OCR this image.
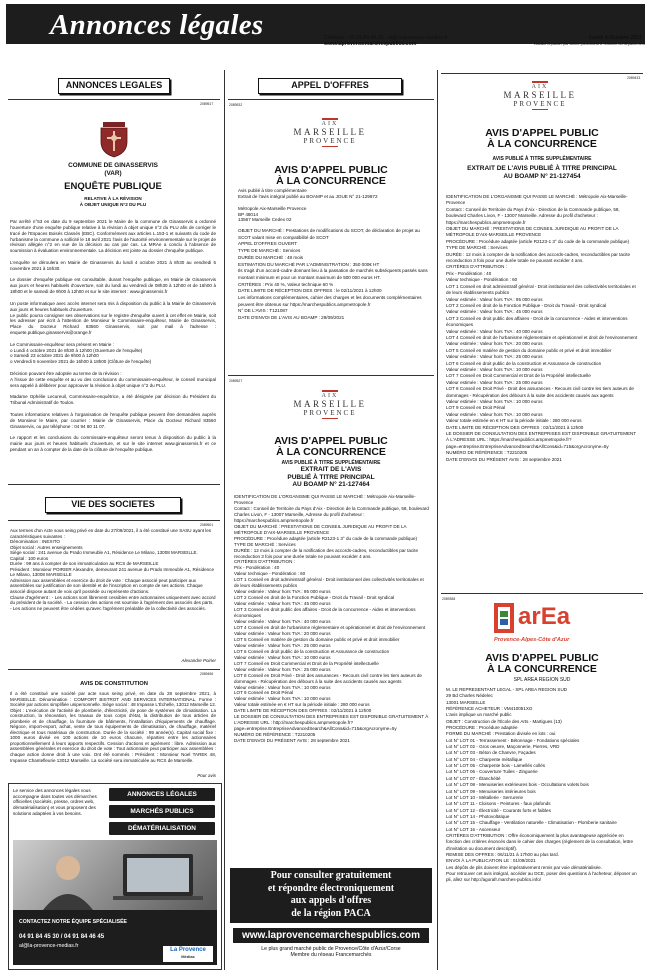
Annonces légales	Contacts : 04.91.84.46.33 - al@la-provence-medias.fr
www.laprovencemarchespublics.com
Lundi 4 Octobre 2021
Habilité à publier par arrêté préfectoral le refuitrlet du département
ANNONCES LEGALES
2089517
COMMUNE DE GINASSERVIS
(VAR)
ENQUÊTE PUBLIQUE
RELATIVE À LA RÉVISION
À OBJET UNIQUE N°2 DU PLU
Par arrêté n°53 en date du 9 septembre 2021 le Maire de la commune de Ginasservis a ordonné l'ouverture d'une enquête publique relative à la révision à objet unique n°2 du PLU afin de corriger le tracé de l'Espaces Boisés Classés (EBC). Conformément aux articles L.153-1 et suivants du code de l'urbanisme la commune a sollicité le 18 avril 2021 l'avis de l'autorité environnementale sur le projet de révision allégée n°2 en vue de la décision au cas par cas. La MRAe a conclu à l'absence de soumission à évaluation environnementale. La décision est jointe au dossier d'enquête publique.

L'enquête se déroulera en Mairie de Ginasservis du lundi 4 octobre 2021 à 8h30 au vendredi 5 novembre 2021 à 16h30.

Le dossier d'enquête publique est consultable, durant l'enquête publique, en Mairie de Ginasservis aux jours et heures habituels d'ouverture, soit du lundi au vendredi de 08h30 à 12h00 et de 16h00 à 18h00 et le samedi de 9h00 à 12h00 et sur le site internet : www.ginasservis.fr

Un poste informatique avec accès internet sera mis à disposition du public à la Mairie de Ginasservis aux jours et heures habituels d'ouverture.
Le public pourra consigner ses observations sur le registre d'enquête ouvert à cet effet en Mairie, soit les adresser par écrit à l'attention de Monsieur le Commissaire-enquêteur, Mairie de Ginasservis, Place du Docteur Richard 83560 Ginasservis, soit par mail à l'adresse : enquete.publique.ginasservis@orange.fr

Le Commissaire-enquêteur sera présent en Mairie :
o Lundi 4 octobre 2021 de 8h30 à 12h00 (Ouverture de l'enquête)
o Samedi 23 octobre 2021 de 9h00 à 12h00
o Vendredi 5 novembre 2021 de 16h00 à 18h00 (Clôture de l'enquête)

Décision pouvant être adoptée au terme de la révision :
A l'issue de cette enquête et au vu des conclusions du commissaire-enquêteur, le conseil municipal sera appelé à délibérer pour approuver la révision à objet unique n°2 du PLU.

Madame Ophélie Lecureuil, Commissaire-enquêtrice, a été désignée par décision du Président du Tribunal Administratif de Toulon.

Toutes informations relatives à l'organisation de l'enquête publique peuvent être demandées auprès de Monsieur le Maire, par courrier : Mairie de Ginasservis, Place du Docteur Richard 83560 Ginasservis, ou par téléphone : 04 94 80 11 07.

Le rapport et les conclusions du commissaire-enquêteur seront tenus à disposition du public à la mairie aux jours et heures habituels d'ouverture, et sur le site internet www.ginasservis.fr et ce pendant un an à compter de la date de la clôture de l'enquête publique.
VIE DES SOCIETES
2089501
Aux termes d'un Acte sous seing privé en date du 27/09/2021, il a été constitué une SASU ayant les caractéristiques suivantes :
Dénomination : INEXITO
Objet social : Autres enseignements
Siège social : 241 avenue du Prado Immeuble A1, Résidence Le Milano, 13008 MARSEILLE.
Capital : 100 euros
Durée : 99 ans à compter de son immatriculation au RCS de MARSEILLE
Président : Monsieur POIRIER Alexandre, demeurant 241 avenue du Prado Immeuble A1, Résidence Le Milano, 13008 MARSEILLE
Admission aux assemblées et exercice du droit de vote : Chaque associé peut participer aux assemblées sur justification de son identité et de l'inscription en compte de ses actions. Chaque associé dispose autant de voix qu'il possède ou représente d'actions.
Clause d'agrément : - Les actions sont librement cessibles entre actionnaires uniquement avec accord du président de la société. - La cession des actions est soumise à l'agrément des associés des parts. - Les actions ne peuvent être cédées qu'avec l'agrément préalable de la collectivité des associés.
Alexandre Poirier
2089456
AVIS DE CONSTITUTION
Il a été constitué une société par acte sous seing privé, en date du 28 septembre 2021, à MARSEILLE. Dénomination : COMFORT BISTROT AND SERVICES INTERNATIONAL. Forme : Société par actions simplifiée unipersonnelle. Siège social : 48 Impasse L'Échelle, 13012 Marseille 12. Objet : L'exécution de l'activité de plomberie, d'électricité, de pose de systèmes de climatisation. La construction, la rénovation, les travaux de tous corps d'état, la distribution de tous articles de plomberie et de chauffage, la fourniture de bâtiments, l'installation d'équipements de chauffage. Négoce, import-export, achat, vente de tous équipements de climatisation, de chauffage, matériel électrique et tous matériaux de construction. Durée de la société : 99 année(s). Capital social fixe : 1000 euros divisé en 100 actions de 10 euros chacune, réparties entre les actionnaires proportionnellement à leurs apports respectifs. Cession d'actions et agrément : libre. Admission aux assemblées générales et exercice du droit de vote : Tout actionnaire peut participer aux assemblées : chaque action donne droit à une voix. Ont été nommés : Président : Monsieur Noel TAREK 48, Impasse Chantefleurie 13012 Marseille. La société sera immatriculée au RCS de Marseille.
Pour avis
Le service des annonces légales vous accompagne dans toutes vos démarches officielles (sociétés, presse, ordres web, dématérialisation) et vous proposent des solutions adaptées à vos besoins.
ANNONCES LÉGALES
MARCHÉS PUBLICS
DÉMATÉRIALISATION
CONTACTEZ NOTRE ÉQUIPE SPÉCIALISÉE
04 91 84 45 30 / 04 91 84 46 45
al@la-provence-medias.fr
La Provence
Médias
APPEL D'OFFRES
2089532
AIX
MARSEILLE
PROVENCE
AVIS D'APPEL PUBLIC
À LA CONCURRENCE
Avis publié à titre complémentaire
Extrait de l'avis intégral publié au BOAMP et au JOUE N° 21-129872
Métropole Aix-Marseille Provence
BP 48014
13567 Marseille Cedex 02
OBJET DU MARCHÉ : Prestations de modifications du SCOT, de déclaration de projet au SCOT valant mise en compatibilité de SCOT
APPEL D'OFFRES OUVERT
TYPE DE MARCHÉ : Services
DURÉE DU MARCHÉ : 48 mois
ESTIMATION DU MARCHÉ PAR L'ADMINISTRATION : 350 000€ HT
Ils s'agit d'un accord-cadre donnant lieu à la passation de marchés subséquents passés sans montant minimum et pour un montant maximum de 500 000 euros HT.
CRITÈRES : Prix 40 %, Valeur technique 60 %
DATE LIMITE DE RÉCEPTION DES OFFRES : le 02/11/2021 à 12h00
Les informations complémentaires, cahier des charges et les documents complémentaires peuvent être obtenus sur https://marchespublics.ampmetropole.fr
N° DE L'AVIS : T121087
DATE D'ENVOI DE L'AVIS AU BOAMP : 29/09/2021
2089527
AIX
MARSEILLE
PROVENCE
AVIS D'APPEL PUBLIC
À LA CONCURRENCE
AVIS PUBLIÉ À TITRE SUPPLÉMENTAIRE
EXTRAIT DE L'AVIS
PUBLIÉ À TITRE PRINCIPAL
AU BOAMP N° 21-127464
IDENTIFICATION DE L'ORGANISME QUI PASSE LE MARCHÉ : Métropole Aix-Marseille-Provence
Contact : Conseil de Territoire du Pays d'Aix - Direction de la Commande publique, 58, boulevard Charles Livon, F - 13007 Marseille, Adresse du profil d'acheteur : https://marchespublics.ampmetropole.fr
OBJET DU MARCHÉ : PRESTATIONS DE CONSEIL JURIDIQUE AU PROFIT DE LA MÉTROPOLE D'AIX-MARSEILLE PROVENCE
PROCÉDURE : Procédure adaptée (article R2123-1 3° du code de la commande publique)
TYPE DE MARCHÉ : Services
DURÉE : 12 mois à compter de la notification des accords-cadres, reconductibles par tacite reconduction 3 fois pour une durée totale ne pouvant excéder 4 ans.
CRITÈRES D'ATTRIBUTION :
Prix - Pondération : 40
Valeur technique - Pondération : 60
LOT 1 Conseil en droit administratif général - Droit institutionnel des collectivités territoriales et de leurs établissements publics
Valeur estimée : Valeur hors TVA : 95 000 euros
LOT 2 Conseil en droit de la Fonction Publique - Droit du Travail - Droit syndical
Valeur estimée : Valeur hors TVA : 45 000 euros
LOT 3 Conseil en droit public des affaires - Droit de la concurrence - Aides et interventions économiques
Valeur estimée : Valeur hors TVA : 40 000 euros
LOT 4 Conseil en droit de l'urbanisme réglementaire et opérationnel et droit de l'environnement
Valeur estimée : Valeur hors TVA : 20 000 euros
LOT 5 Conseil en matière de gestion du domaine public et privé et droit immobilier
Valeur estimée : Valeur hors TVA : 25 000 euros
LOT 6 Conseil en droit public de la construction et Assurance de construction
Valeur estimée : Valeur hors TVA : 10 000 euros
LOT 7 Conseil en Droit Commercial et Droit de la Propriété intellectuelle
Valeur estimée : Valeur hors TVA : 25 000 euros
LOT 8 Conseil en Droit Privé - Droit des assurances - Recours civil contre les tiers auteurs de dommages - Récupération des débours à la suite des accidents causés aux agents
Valeur estimée : Valeur hors TVA : 10 000 euros
LOT 9 Conseil en Droit Pénal
Valeur estimée : Valeur hors TVA : 10 000 euros
Valeur totale estimée en € HT sur la période initiale : 280 000 euros
DATE LIMITE DE RÉCEPTION DES OFFRES : 02/11/2021 à 12h00
LE DOSSIER DE CONSULTATION DES ENTREPRISES EST DISPONIBLE GRATUITEMENT À L'ADRESSE URL : http://marchespublics.ampmetropole.fr?page=entreprise.EntrepriseAdvancedSearch&AllCons&id=715&orgAcronyme=5y
NUMÉRO DE RÉFÉRENCE : T2210205
DATE D'ENVOI DU PRÉSENT AVIS : 28 septembre 2021
Pour consulter gratuitement
et répondre électroniquement
aux appels d'offres
de la région PACA
www.laprovencemarchespublics.com
Le plus grand marché public de Provence/Côte d'Azur/Corse
Membre du réseau Francemarchés
2089433
AIX
MARSEILLE
PROVENCE
AVIS D'APPEL PUBLIC
À LA CONCURRENCE
AVIS PUBLIÉ À TITRE SUPPLÉMENTAIRE
EXTRAIT DE L'AVIS PUBLIÉ À TITRE PRINCIPAL
AU BOAMP N° 21-127454
IDENTIFICATION DE L'ORGANISME QUI PASSE LE MARCHÉ : Métropole Aix-Marseille-Provence
Contact : Conseil de Territoire du Pays d'Aix - Direction de la Commande publique, 58, boulevard Charles Livon, F - 13007 Marseille. Adresse du profil d'acheteur : https://marchespublics.ampmetropole.fr
OBJET DU MARCHÉ : PRESTATIONS DE CONSEIL JURIDIQUE AU PROFIT DE LA MÉTROPOLE D'AIX-MARSEILLE PROVENCE
PROCÉDURE : Procédure adaptée (article R2123-1 3° du code de la commande publique)
TYPE DE MARCHÉ : Services
DURÉE : 12 mois à compter de la notification des accords-cadres, reconductibles par tacite reconduction 3 fois pour une durée totale ne pouvant excéder 4 ans.
CRITÈRES D'ATTRIBUTION :
Prix - Pondération : 40
Valeur technique - Pondération : 60
LOT 1 Conseil en droit administratif général - Droit institutionnel des collectivités territoriales et de leurs établissements publics
Valeur estimée : Valeur hors TVA : 95 000 euros
LOT 2 Conseil en droit de la Fonction Publique - Droit du Travail - Droit syndical
Valeur estimée : Valeur hors TVA : 45 000 euros
LOT 3 Conseil en droit public des affaires - Droit de la concurrence - Aides et interventions économiques
Valeur estimée : Valeur hors TVA : 40 000 euros
LOT 4 Conseil en droit de l'urbanisme réglementaire et opérationnel et droit de l'environnement
Valeur estimée : Valeur hors TVA : 20 000 euros
LOT 5 Conseil en matière de gestion du domaine public et privé et droit immobilier
Valeur estimée : Valeur hors TVA : 25 000 euros
LOT 6 Conseil en droit public de la construction et Assurance de construction
Valeur estimée : Valeur hors TVA : 10 000 euros
LOT 7 Conseil en Droit Commercial et Droit de la Propriété intellectuelle
Valeur estimée : Valeur hors TVA : 25 000 euros
LOT 8 Conseil en Droit Privé - Droit des assurances - Recours civil contre les tiers auteurs de dommages - Récupération des débours à la suite des accidents causés aux agents
Valeur estimée : Valeur hors TVA : 10 000 euros
LOT 9 Conseil en Droit Pénal
Valeur estimée : Valeur hors TVA : 10 000 euros
Valeur totale estimée en € HT sur la période initiale : 280 000 euros
DATE LIMITE DE RÉCEPTION DES OFFRES : 02/11/2021 à 12h00
LE DOSSIER DE CONSULTATION DES ENTREPRISES EST DISPONIBLE GRATUITEMENT À L'ADRESSE URL : https://marchespublics.ampmetropole.fr?page=entreprise.EntrepriseAdvancedSearch&AllCons&id=715&orgAcronyme=5y
NUMÉRO DE RÉFÉRENCE : T2210205
DATE D'ENVOI DU PRÉSENT AVIS : 28 septembre 2021
2089358
arEa
Provence-Alpes-Côte d'Azur
AVIS D'APPEL PUBLIC
À LA CONCURRENCE
SPL AREA REGION SUD
M. LE REPRESENTANT LEGAL - SPL AREA REGION SUD
29 Bd Charles Nédelec
13001 MARSEILLE
RÉFÉRENCE ACHETEUR : VM410051XG
L'avis implique un marché public
OBJET : Construction de l'École des Arts - Martigues (13)
PROCÉDURE : Procédure adaptée
FORME DU MARCHÉ : Prestation divisée en lots : oui
Lot N° LOT 01 - Terrassement - Bétonnage - Fondations spéciales
Lot N° LOT 02 - Gros oeuvre, Maçonnerie, Pierres, VRD
Lot N° LOT 03 - Béton de Chanvre, Façades
Lot N° LOT 04 - Charpente métallique
Lot N° LOT 05 - Charpente bois - Lamellés collés
Lot N° LOT 06 - Couverture Tuiles - Zinguerie
Lot N° LOT 07 - Étanchéité
Lot N° LOT 08 - Menuiseries extérieures bois - Occultations volets bois
Lot N° LOT 09 - Menuiseries intérieures bois
Lot N° LOT 10 - Métallerie - Serrurerie
Lot N° LOT 11 - Cloisons - Peintures - faux plafonds
Lot N° LOT 12 - Électricité - Courants forts et faibles
Lot N° LOT 14 - Photovoltaïque
Lot N° LOT 15 - Chauffage - Ventilation naturelle - Climatisation - Plomberie sanitaire
Lot N° LOT 16 - Ascenseur
CRITÈRES D'ATTRIBUTION : Offre économiquement la plus avantageuse appréciée en fonction des critères énoncés dans le cahier des charges (règlement de la consultation, lettre d'invitation ou document descriptif).
REMISE DES OFFRES : 06/11/21 à 17h00 au plus tard.
ENVOI À LA PUBLICATION LE : 01/09/2021
Les dépôts de plis doivent être impérativement remis par voie dématérialisée.
Pour retrouver cet avis intégral, accéder au DCE, poser des questions à l'acheteur, déposer un pli, allez sur http://agorafr.marches-publics.info/
